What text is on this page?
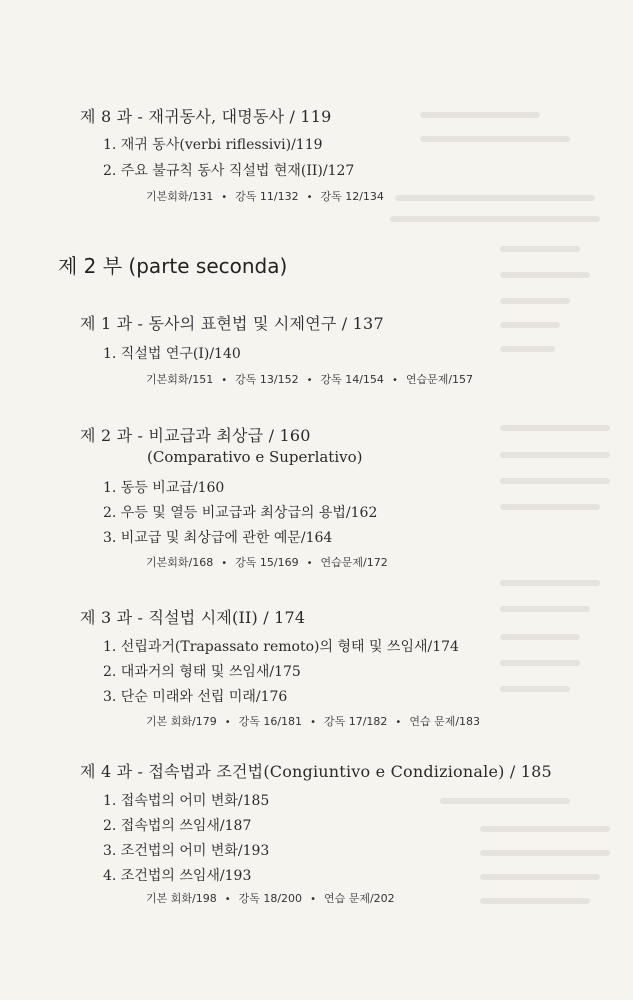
제 8 과 - 재귀동사, 대명동사 / 119
1. 재귀 동사(verbi riflessivi)/119
2. 주요 불규칙 동사 직설법 현재(II)/127
기본회화/131 • 강독 11/132 • 강독 12/134
제 2 부 (parte seconda)
제 1 과 - 동사의 표현법 및 시제연구 / 137
1. 직설법 연구(I)/140
기본회화/151 • 강독 13/152 • 강독 14/154 • 연습문제/157
제 2 과 - 비교급과 최상급 / 160
(Comparativo e Superlativo)
1. 동등 비교급/160
2. 우등 및 열등 비교급과 최상급의 용법/162
3. 비교급 및 최상급에 관한 예문/164
기본회화/168 • 강독 15/169 • 연습문제/172
제 3 과 - 직설법 시제(II) / 174
1. 선립과거(Trapassato remoto)의 형태 및 쓰임새/174
2. 대과거의 형태 및 쓰임새/175
3. 단순 미래와 선립 미래/176
기본 회화/179 • 강독 16/181 • 강독 17/182 • 연습 문제/183
제 4 과 - 접속법과 조건법(Congiuntivo e Condizionale) / 185
1. 접속법의 어미 변화/185
2. 접속법의 쓰임새/187
3. 조건법의 어미 변화/193
4. 조건법의 쓰임새/193
기본 회화/198 • 강독 18/200 • 연습 문제/202
